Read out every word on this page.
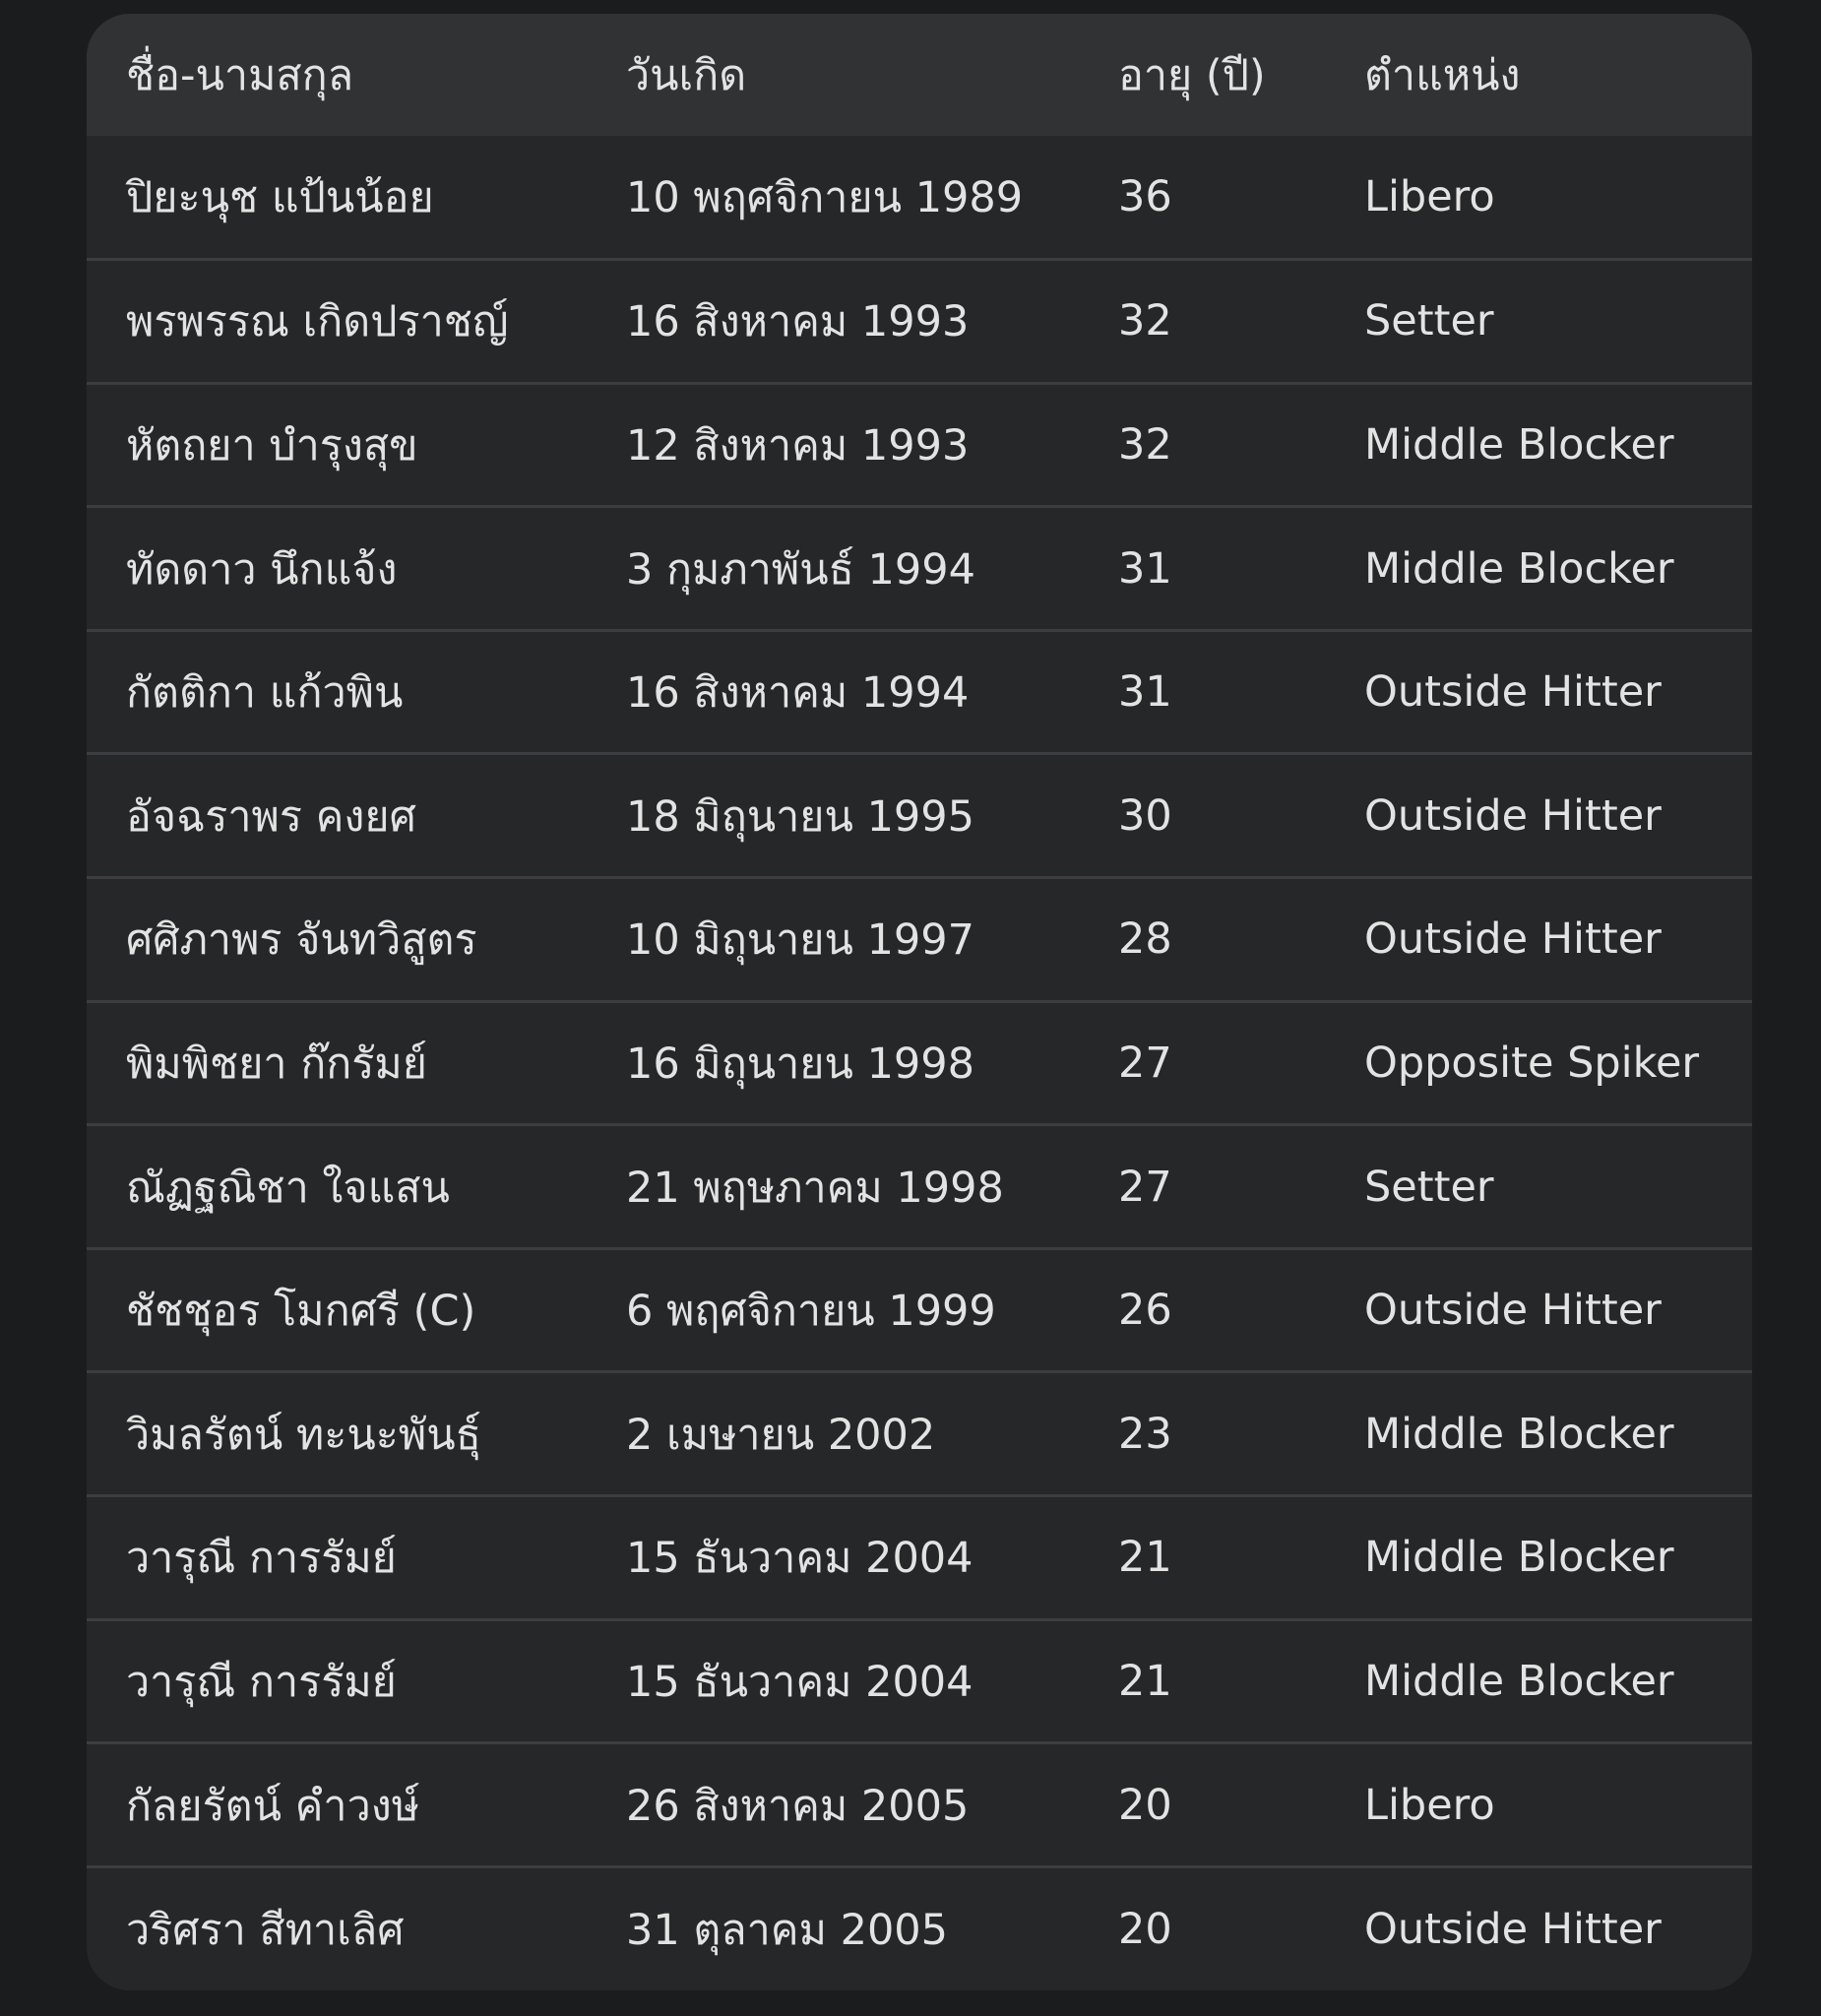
ชื่อ-นามสกุล	วันเกิด	อายุ (ปี)	ตำแหน่ง
ปิยะนุช แป้นน้อย	10 พฤศจิกายน 1989	36	Libero
พรพรรณ เกิดปราชญ์	16 สิงหาคม 1993	32	Setter
หัตถยา บำรุงสุข	12 สิงหาคม 1993	32	Middle Blocker
ทัดดาว นึกแจ้ง	3 กุมภาพันธ์ 1994	31	Middle Blocker
กัตติกา แก้วพิน	16 สิงหาคม 1994	31	Outside Hitter
อัจฉราพร คงยศ	18 มิถุนายน 1995	30	Outside Hitter
ศศิภาพร จันทวิสูตร	10 มิถุนายน 1997	28	Outside Hitter
พิมพิชยา ก๊กรัมย์	16 มิถุนายน 1998	27	Opposite Spiker
ณัฏฐณิชา ใจแสน	21 พฤษภาคม 1998	27	Setter
ชัชชุอร โมกศรี (C)	6 พฤศจิกายน 1999	26	Outside Hitter
วิมลรัตน์ ทะนะพันธุ์	2 เมษายน 2002	23	Middle Blocker
วารุณี การรัมย์	15 ธันวาคม 2004	21	Middle Blocker
วารุณี การรัมย์	15 ธันวาคม 2004	21	Middle Blocker
กัลยรัตน์ คำวงษ์	26 สิงหาคม 2005	20	Libero
วริศรา สีทาเลิศ	31 ตุลาคม 2005	20	Outside Hitter
